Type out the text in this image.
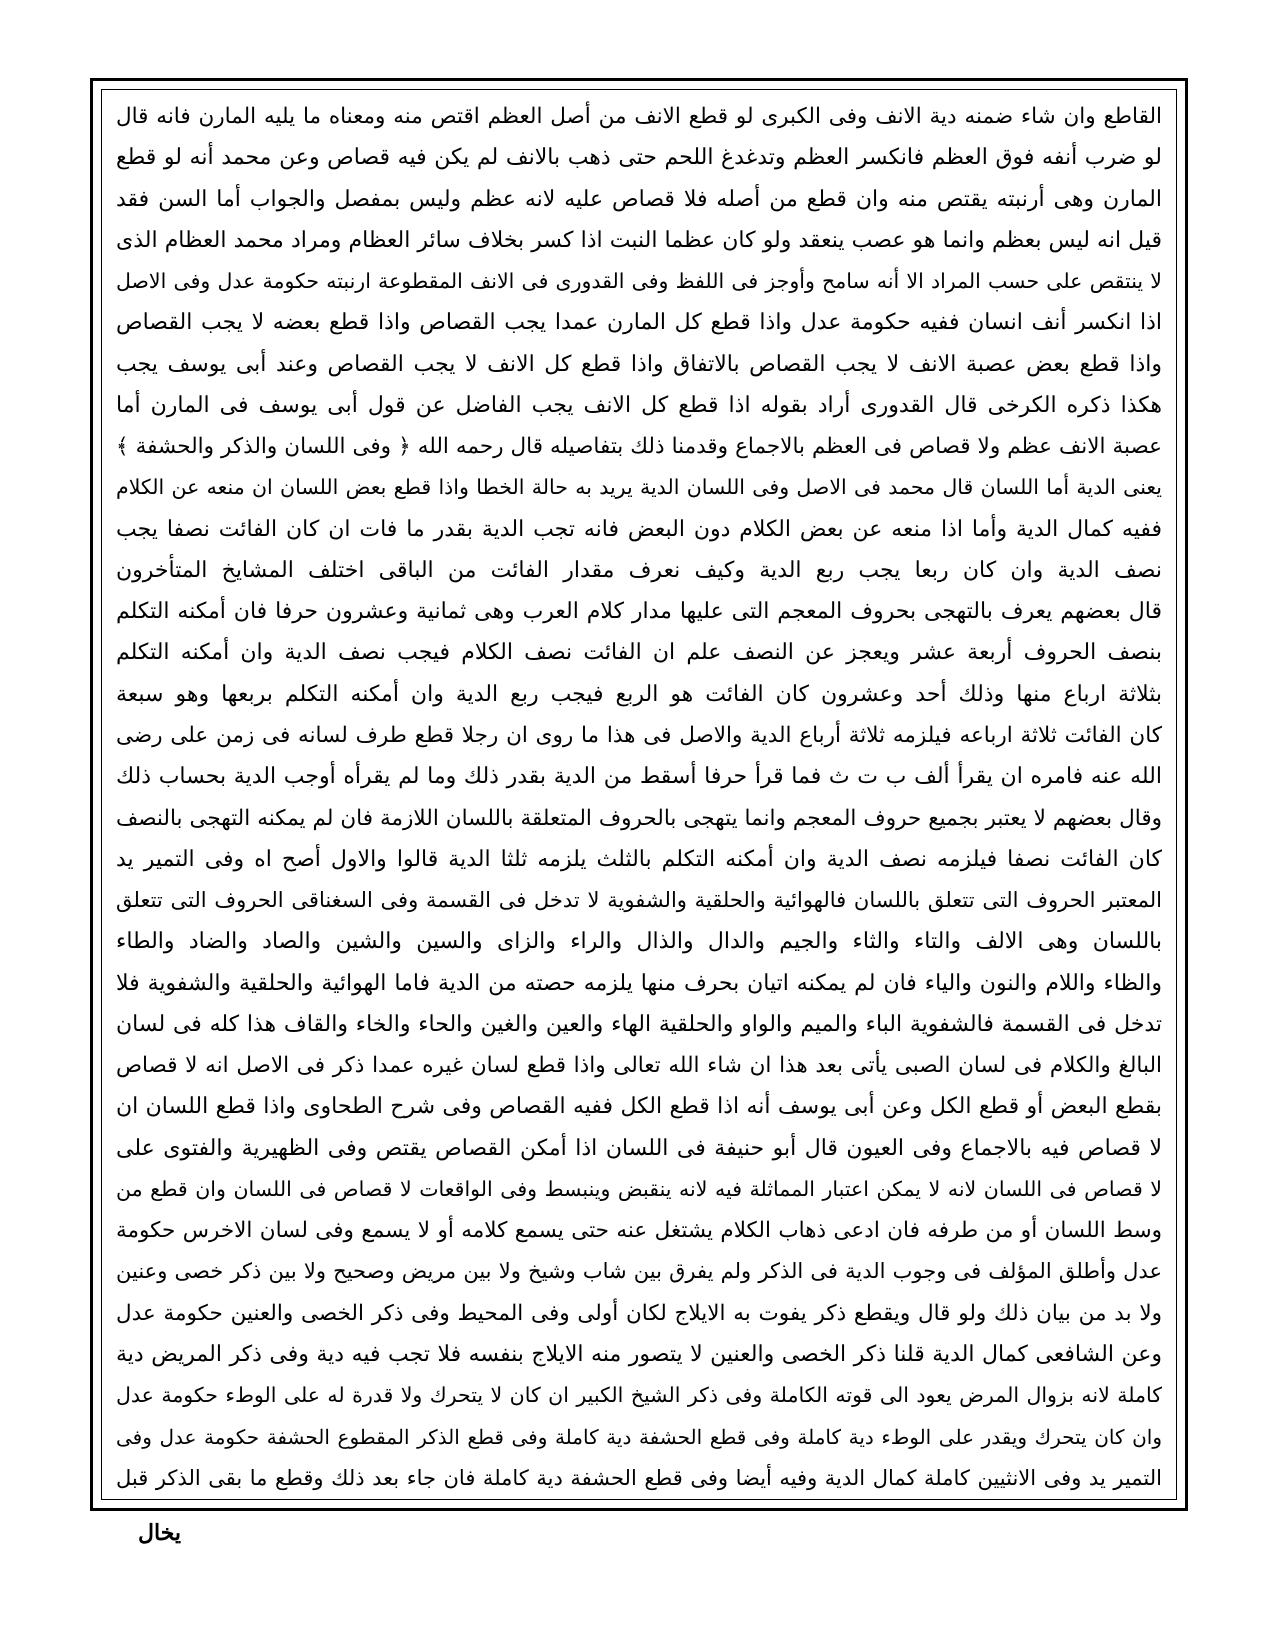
القاطع وان شاء ضمنه دية الانف وفى الكبرى لو قطع الانف من أصل العظم اقتص منه ومعناه ما يليه المارن فانه قال
لو ضرب أنفه فوق العظم فانكسر العظم وتدغدغ اللحم حتى ذهب بالانف لم يكن فيه قصاص وعن محمد أنه لو قطع
المارن وهى أرنبته يقتص منه وان قطع من أصله فلا قصاص عليه لانه عظم وليس بمفصل والجواب أما السن فقد
قيل انه ليس بعظم وانما هو عصب ينعقد ولو كان عظما النبت اذا كسر بخلاف سائر العظام ومراد محمد العظام الذى
لا ينتقص على حسب المراد الا أنه سامح وأوجز فى اللفظ وفى القدورى فى الانف المقطوعة ارنبته حكومة عدل وفى الاصل
اذا انكسر أنف انسان ففيه حكومة عدل واذا قطع كل المارن عمدا يجب القصاص واذا قطع بعضه لا يجب القصاص
واذا قطع بعض عصبة الانف لا يجب القصاص بالاتفاق واذا قطع كل الانف لا يجب القصاص وعند أبى يوسف يجب
هكذا ذكره الكرخى قال القدورى أراد بقوله اذا قطع كل الانف يجب الفاضل عن قول أبى يوسف فى المارن أما
عصبة الانف عظم ولا قصاص فى العظم بالاجماع وقدمنا ذلك بتفاصيله قال رحمه الله ﴿ وفى اللسان والذكر والحشفة ﴾
يعنى الدية أما اللسان قال محمد فى الاصل وفى اللسان الدية يريد به حالة الخطا واذا قطع بعض اللسان ان منعه عن الكلام
ففيه كمال الدية وأما اذا منعه عن بعض الكلام دون البعض فانه تجب الدية بقدر ما فات ان كان الفائت نصفا يجب
نصف الدية وان كان ربعا يجب ربع الدية وكيف نعرف مقدار الفائت من الباقى اختلف المشايخ المتأخرون
قال بعضهم يعرف بالتهجى بحروف المعجم التى عليها مدار كلام العرب وهى ثمانية وعشرون حرفا فان أمكنه التكلم
بنصف الحروف أربعة عشر ويعجز عن النصف علم ان الفائت نصف الكلام فيجب نصف الدية وان أمكنه التكلم
بثلاثة ارباع منها وذلك أحد وعشرون كان الفائت هو الربع فيجب ربع الدية وان أمكنه التكلم بربعها وهو سبعة
كان الفائت ثلاثة ارباعه فيلزمه ثلاثة أرباع الدية والاصل فى هذا ما روى ان رجلا قطع طرف لسانه فى زمن على رضى
الله عنه فامره ان يقرأ ألف ب ت ث فما قرأ حرفا أسقط من الدية بقدر ذلك وما لم يقرأه أوجب الدية بحساب ذلك
وقال بعضهم لا يعتبر بجميع حروف المعجم وانما يتهجى بالحروف المتعلقة باللسان اللازمة فان لم يمكنه التهجى بالنصف
كان الفائت نصفا فيلزمه نصف الدية وان أمكنه التكلم بالثلث يلزمه ثلثا الدية قالوا والاول أصح اه وفى التمير يد
المعتبر الحروف التى تتعلق باللسان فالهوائية والحلقية والشفوية لا تدخل فى القسمة وفى السغناقى الحروف التى تتعلق
باللسان وهى الالف والتاء والثاء والجيم والدال والذال والراء والزاى والسين والشين والصاد والضاد والطاء
والظاء واللام والنون والياء فان لم يمكنه اتيان بحرف منها يلزمه حصته من الدية فاما الهوائية والحلقية والشفوية فلا
تدخل فى القسمة فالشفوية الباء والميم والواو والحلقية الهاء والعين والغين والحاء والخاء والقاف هذا كله فى لسان
البالغ والكلام فى لسان الصبى يأتى بعد هذا ان شاء الله تعالى واذا قطع لسان غيره عمدا ذكر فى الاصل انه لا قصاص
بقطع البعض أو قطع الكل وعن أبى يوسف أنه اذا قطع الكل ففيه القصاص وفى شرح الطحاوى واذا قطع اللسان ان
لا قصاص فيه بالاجماع وفى العيون قال أبو حنيفة فى اللسان اذا أمكن القصاص يقتص وفى الظهيرية والفتوى على
لا قصاص فى اللسان لانه لا يمكن اعتبار المماثلة فيه لانه ينقبض وينبسط وفى الواقعات لا قصاص فى اللسان وان قطع من
وسط اللسان أو من طرفه فان ادعى ذهاب الكلام يشتغل عنه حتى يسمع كلامه أو لا يسمع وفى لسان الاخرس حكومة
عدل وأطلق المؤلف فى وجوب الدية فى الذكر ولم يفرق بين شاب وشيخ ولا بين مريض وصحيح ولا بين ذكر خصى وعنين
ولا بد من بيان ذلك ولو قال ويقطع ذكر يفوت به الايلاج لكان أولى وفى المحيط وفى ذكر الخصى والعنين حكومة عدل
وعن الشافعى كمال الدية قلنا ذكر الخصى والعنين لا يتصور منه الايلاج بنفسه فلا تجب فيه دية وفى ذكر المريض دية
كاملة لانه بزوال المرض يعود الى قوته الكاملة وفى ذكر الشيخ الكبير ان كان لا يتحرك ولا قدرة له على الوطء حكومة عدل
وان كان يتحرك ويقدر على الوطء دية كاملة وفى قطع الحشفة دية كاملة وفى قطع الذكر المقطوع الحشفة حكومة عدل وفى
التمير يد وفى الانثيين كاملة كمال الدية وفيه أيضا وفى قطع الحشفة دية كاملة فان جاء بعد ذلك وقطع ما بقى الذكر قبل
يخال
